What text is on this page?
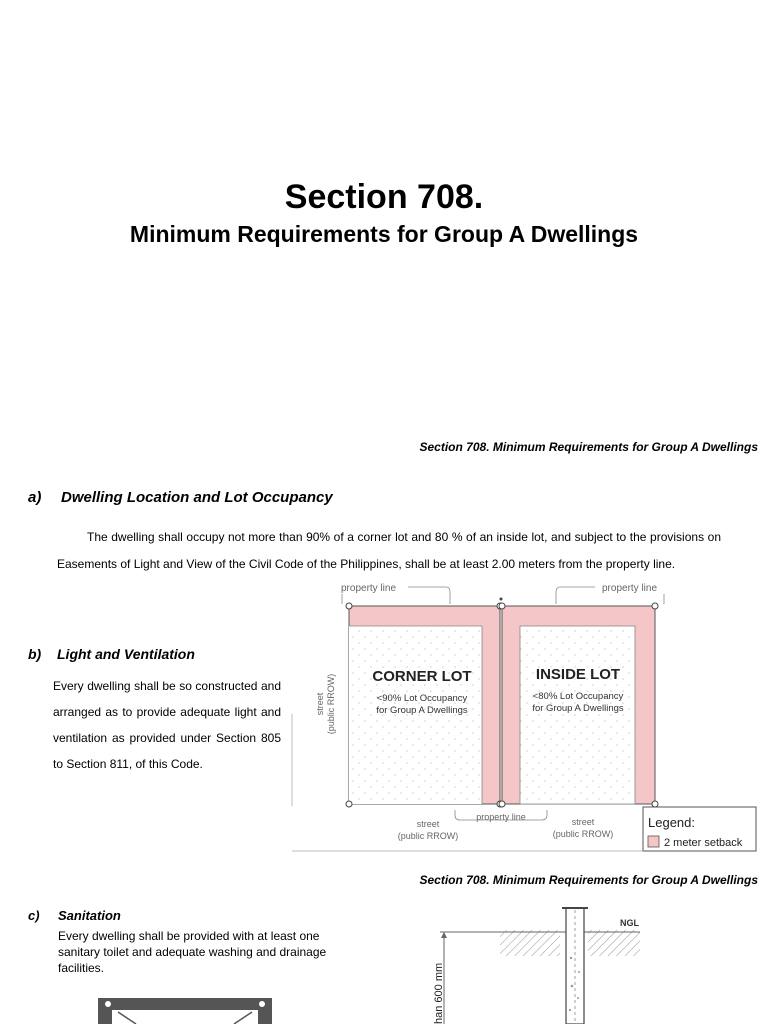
Section 708.
Minimum Requirements for Group A Dwellings
Section 708. Minimum Requirements for Group A Dwellings
a) Dwelling Location and Lot Occupancy
The dwelling shall occupy not more than 90% of a corner lot and 80 % of an inside lot, and subject to the provisions on Easements of Light and View of the Civil Code of the Philippines, shall be at least 2.00 meters from the property line.
b) Light and Ventilation
Every dwelling shall be so constructed and arranged as to provide adequate light and ventilation as provided under Section 805 to Section 811, of this Code.
CORNER LOT
<90% Lot Occupancy
for Group A Dwellings
INSIDE LOT
<80% Lot Occupancy
for Group A Dwellings
property line	property line
property line
street (public RROW)
street
(public RROW)
street
(public RROW)
Legend:
2 meter setback
Section 708. Minimum Requirements for Group A Dwellings
c) Sanitation
Every dwelling shall be provided with at least one sanitary toilet and adequate washing and drainage facilities.
NGL
han 600 mm
